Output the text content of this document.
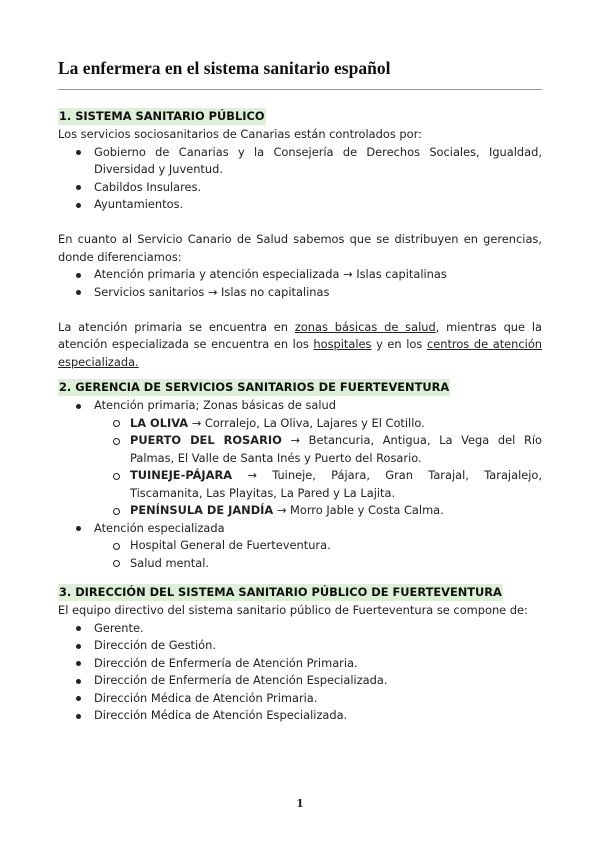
La enfermera en el sistema sanitario español
1. SISTEMA SANITARIO PÚBLICO

Los servicios sociosanitarios de Canarias están controlados por:

Gobierno de Canarias y la Consejería de Derechos Sociales, Igualdad, Diversidad y Juventud.
Cabildos Insulares.
Ayuntamientos.

En cuanto al Servicio Canario de Salud sabemos que se distribuyen en gerencias, donde diferenciamos:

Atención primaria y atención especializada → Islas capitalinas
Servicios sanitarios → Islas no capitalinas

La atención primaria se encuentra en zonas básicas de salud, mientras que la atención especializada se encuentra en los hospitales y en los centros de atención especializada.

2. GERENCIA DE SERVICIOS SANITARIOS DE FUERTEVENTURA
Atención primaria; Zonas básicas de salud
LA OLIVA → Corralejo, La Oliva, Lajares y El Cotillo.
PUERTO DEL ROSARIO → Betancuria, Antigua, La Vega del Río Palmas, El Valle de Santa Inés y Puerto del Rosario.
TUINEJE-PÁJARA → Tuineje, Pájara, Gran Tarajal, Tarajalejo, Tiscamanita, Las Playitas, La Pared y La Lajita.
PENÍNSULA DE JANDÍA → Morro Jable y Costa Calma.
Atención especializada
Hospital General de Fuerteventura.
Salud mental.
3. DIRECCIÓN DEL SISTEMA SANITARIO PÚBLICO DE FUERTEVENTURA

El equipo directivo del sistema sanitario público de Fuerteventura se compone de:

Gerente.
Dirección de Gestión.
Dirección de Enfermería de Atención Primaria.
Dirección de Enfermería de Atención Especializada.
Dirección Médica de Atención Primaria.
Dirección Médica de Atención Especializada.
1
